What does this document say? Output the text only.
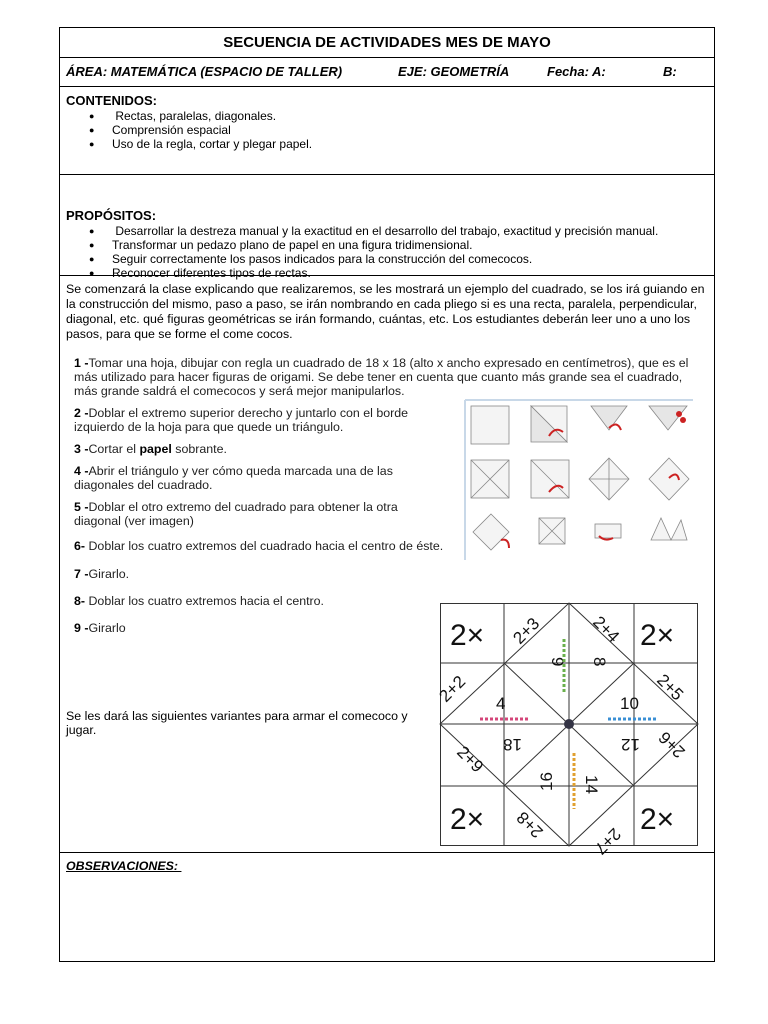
SECUENCIA DE ACTIVIDADES MES DE MAYO
ÁREA: MATEMÁTICA (ESPACIO DE TALLER)	EJE: GEOMETRÍA	Fecha: A:	B:
CONTENIDOS:
● Rectas, paralelas, diagonales.
● Comprensión espacial
● Uso de la regla, cortar y plegar papel.
PROPÓSITOS:
● Desarrollar la destreza manual y la exactitud en el desarrollo del trabajo, exactitud y precisión manual.
● Transformar un pedazo plano de papel en una figura tridimensional.
● Seguir correctamente los pasos indicados para la construcción del comecocos.
● Reconocer diferentes tipos de rectas.
Se comenzará la clase explicando que realizaremos, se les mostrará un ejemplo del cuadrado, se los irá guiando en la construcción del mismo, paso a paso, se irán nombrando en cada pliego si es una recta, paralela, perpendicular, diagonal, etc. qué figuras geométricas se irán formando, cuántas, etc. Los estudiantes deberán leer uno a uno los pasos, para que se forme el come cocos.

1 -Tomar una hoja, dibujar con regla un cuadrado de 18 x 18 (alto x ancho expresado en centímetros), que es el más utilizado para hacer figuras de origami. Se debe tener en cuenta que cuanto más grande sea el cuadrado, más grande saldrá el comecocos y será mejor manipularlos.

2 -Doblar el extremo superior derecho y juntarlo con el borde izquierdo de la hoja para que quede un triángulo.

3 -Cortar el papel sobrante.

4 -Abrir el triángulo y ver cómo queda marcada una de las diagonales del cuadrado.

5 -Doblar el otro extremo del cuadrado para obtener la otra diagonal (ver imagen)

6- Doblar los cuatro extremos del cuadrado hacia el centro de éste.

7 -Girarlo.

8- Doblar los cuatro extremos hacia el centro.

9 -Girarlo

Se les dará las siguientes variantes para armar el comecoco y jugar.
2×	2×
2×	2×
2+3	2+4
2+5
2+6
2+7
2+8
2+9
2+2
9 8
10
12
14
16
18
4
OBSERVACIONES:
